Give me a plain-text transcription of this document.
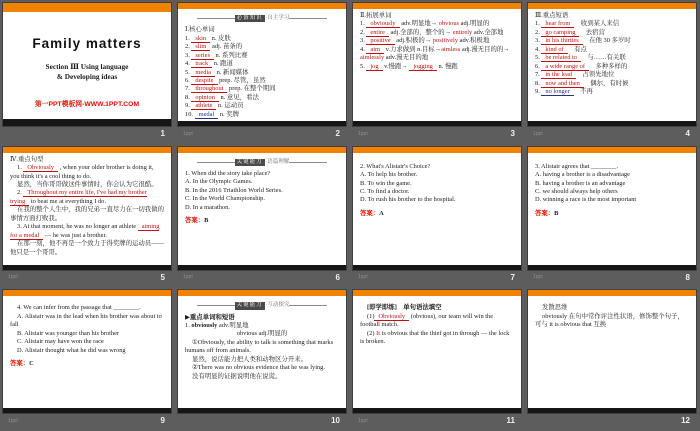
Family matters
Section Ⅲ Using language
& Developing ideas
第一PPT模板网-WWW.1PPT.COM
1
必备知识 ·自主学习
Ⅰ.核心单词
1. skin n. 皮肤
2. slim adj. 苗条的
3. series n. 系列比赛
4. track n. 跑道
5. media n. 新闻媒体
6. despite prep. 尽管，虽然
7. throughout prep. 在整个期间
8. opinion n. 意见，看法
9. athlete n. 运动员
10. medal n. 奖牌
1ppt	2
Ⅱ.拓展单词
1. obviously adv.明显地→ obvious adj.明显的
2. entire adj.全部的，整个的→ entirely adv.全部地
3. positive adj.积极的→ positively adv.积极地
4. aim v.力求做到 n.目标→aimless adj.漫无目的的→ aimlessly adv.漫无目的地
5. jog v.慢跑→ jogging n. 慢跑
1ppt	3
Ⅲ.重点短语
1. hear from　收到某人来信
2. go camping　去宿营
3. in his thirties　在他 30 多岁时
4. kind of　有点
5. be related to　与……有关联
6. a wide range of　多种多样的
7. in the lead　占领先地位
8. now and then　偶尔，有时候
9. no longer　不再
1ppt	4
Ⅳ.重点句型
1. Obviously , when your older brother is doing it, you think it's a cool thing to do.
显然，当你哥哥做这件事情时，你会认为它很酷。
2. Throughout my entire life, I've had my brother trying to beat me at everything I do.
在我的整个人生中，我的兄弟一直尽力在一切我做的事情方面打败我。
3. At that moment, he was no longer an athlete aiming for a medal — he was just a brother.
在那一刻，他不再是一个致力于得奖牌的运动员——他只是一个哥哥。
1ppt	5
关键能力 ·语篇理解
1. When did the story take place?
A. In the Olympic Games.
B. In the 2016 Triathlon World Series.
C. In the World Championship.
D. In a marathon.
答案：B
1ppt	6
2. What's Alistair's Choice?
A. To help his brother.
B. To win the game.
C. To find a doctor.
D. To rush his brother to the hospital.
答案：A
1ppt	7
3. Alistair agrees that ________.
A. having a brother is a disadvantage
B. having a brother is an advantage
C. we should always help others
D. winning a race is the most important
答案：B
1ppt	8
4. We can infer from the passage that ________.
A. Alistair was in the lead when his brother was about to fall
B. Alistair was younger than his brother
C. Alistair may have won the race
D. Alistair thought what he did was wrong
答案：C
1ppt	9
关键能力 ·互动探究
▶重点单词和短语
1. obviously adv.明显地
obvious adj.明显的
①Obviously, the ability to talk is something that marks humans off from animals.
显然，说话能力把人类和动物区分开来。
②There was no obvious evidence that he was lying.
没有明显的证据说明他在说谎。
10
[即学即练]　单句语法填空
(1) Obviously (obvious), our team will win the football match.
(2) It is obvious that the thief got in through — the lock is broken.
1ppt	11
发散思维
obviously 在句中常作评注性状语，修饰整个句子，可与 it is obvious that 互换
12
